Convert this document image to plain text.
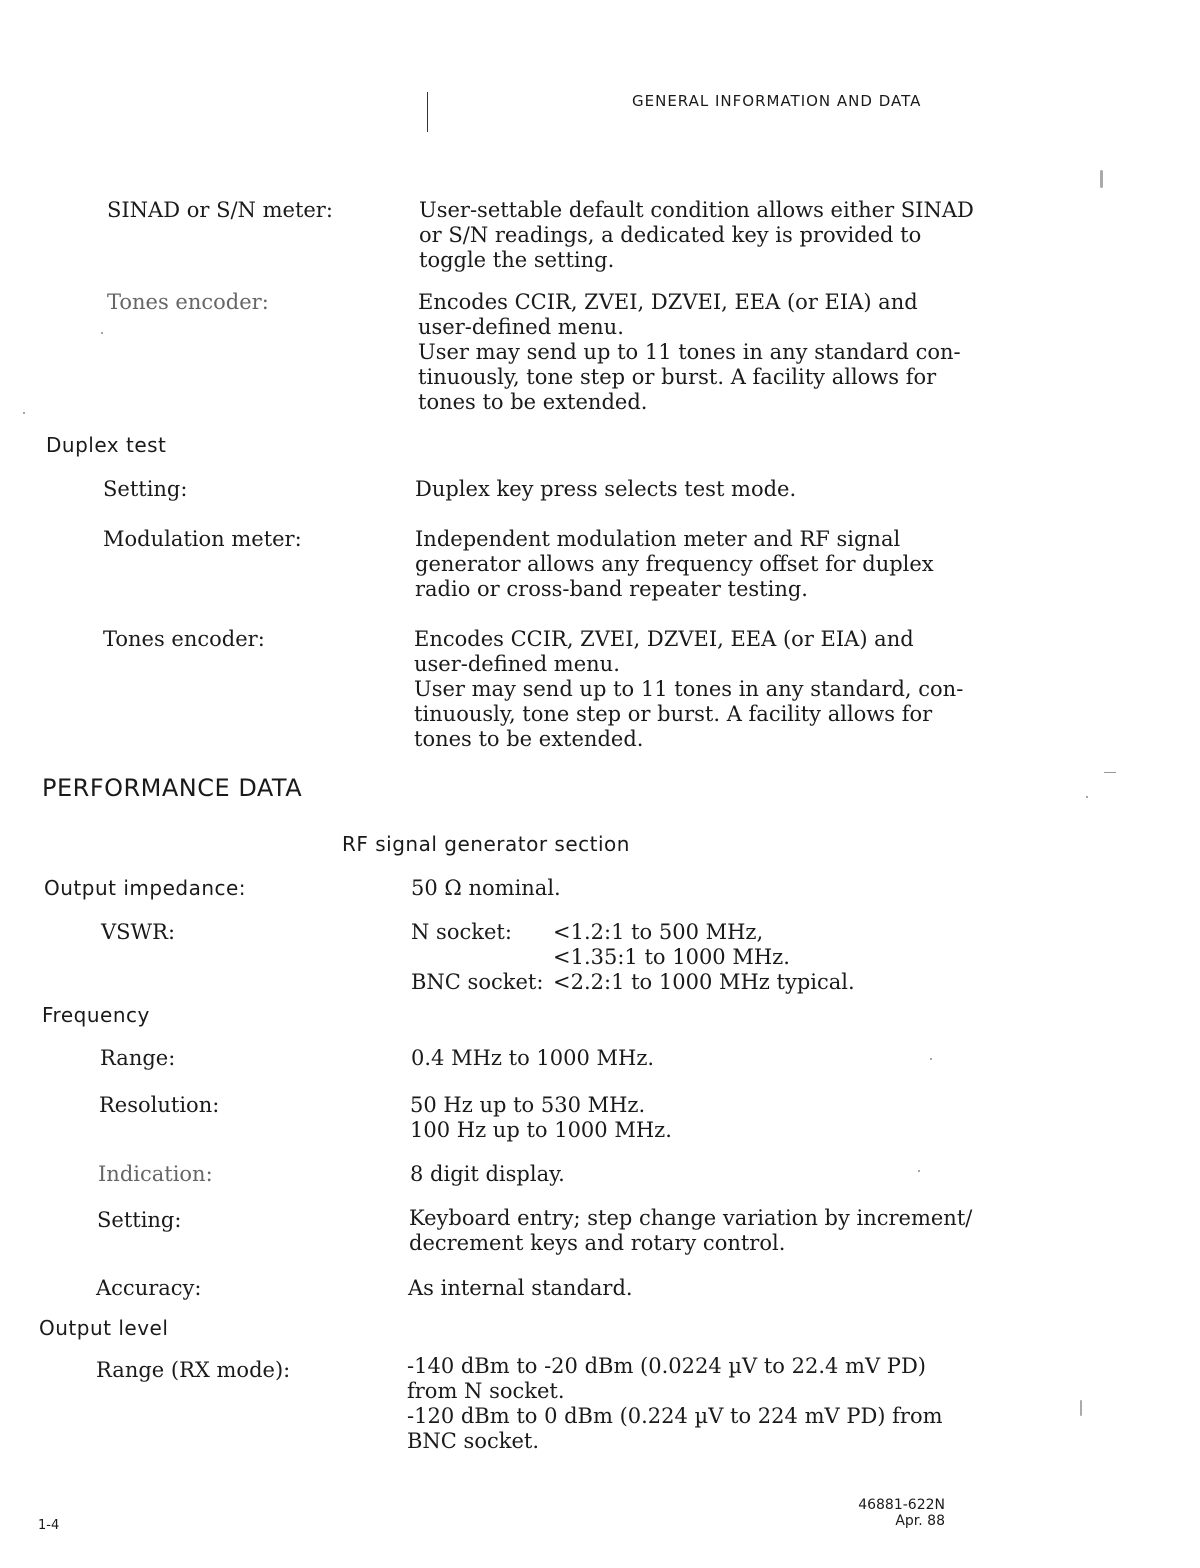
GENERAL INFORMATION AND DATA
SINAD or S/N meter:	User-settable default condition allows either SINAD
or S/N readings, a dedicated key is provided to
toggle the setting.
Tones encoder:	Encodes CCIR, ZVEI, DZVEI, EEA (or EIA) and
user-defined menu.
User may send up to 11 tones in any standard con-
tinuously, tone step or burst. A facility allows for
tones to be extended.
Duplex test
Setting:	Duplex key press selects test mode.
Modulation meter:	Independent modulation meter and RF signal
generator allows any frequency offset for duplex
radio or cross-band repeater testing.
Tones encoder:	Encodes CCIR, ZVEI, DZVEI, EEA (or EIA) and
user-defined menu.
User may send up to 11 tones in any standard, con-
tinuously, tone step or burst. A facility allows for
tones to be extended.
PERFORMANCE DATA
RF signal generator section
Output impedance:	50 Ω nominal.
VSWR:	N socket: <1.2:1 to 500 MHz,
<1.35:1 to 1000 MHz.
BNC socket: <2.2:1 to 1000 MHz typical.
Frequency
Range:	0.4 MHz to 1000 MHz.
Resolution:	50 Hz up to 530 MHz.
100 Hz up to 1000 MHz.
Indication:	8 digit display.
Setting:	Keyboard entry; step change variation by increment/
decrement keys and rotary control.
Accuracy:	As internal standard.
Output level
Range (RX mode):	-140 dBm to -20 dBm (0.0224 µV to 22.4 mV PD)
from N socket.
-120 dBm to 0 dBm (0.224 µV to 224 mV PD) from
BNC socket.
1-4
46881-622N
Apr. 88
